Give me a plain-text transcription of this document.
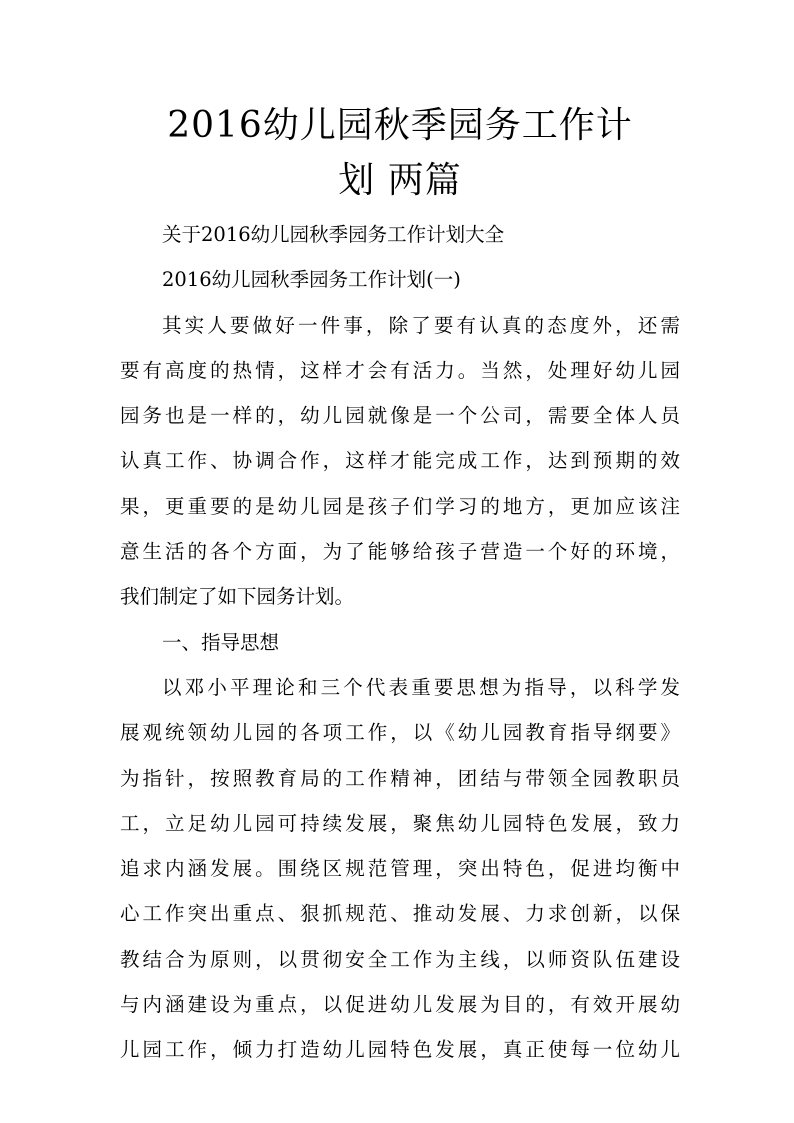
2016幼儿园秋季园务工作计
划 两篇
关于2016幼儿园秋季园务工作计划大全
2016幼儿园秋季园务工作计划(一)
其实人要做好一件事，除了要有认真的态度外，还需
要有高度的热情，这样才会有活力。当然，处理好幼儿园
园务也是一样的，幼儿园就像是一个公司，需要全体人员
认真工作、协调合作，这样才能完成工作，达到预期的效
果，更重要的是幼儿园是孩子们学习的地方，更加应该注
意生活的各个方面，为了能够给孩子营造一个好的环境，
我们制定了如下园务计划。
一、指导思想
以邓小平理论和三个代表重要思想为指导，以科学发
展观统领幼儿园的各项工作，以《幼儿园教育指导纲要》
为指针，按照教育局的工作精神，团结与带领全园教职员
工，立足幼儿园可持续发展，聚焦幼儿园特色发展，致力
追求内涵发展。围绕区规范管理，突出特色，促进均衡中
心工作突出重点、狠抓规范、推动发展、力求创新，以保
教结合为原则，以贯彻安全工作为主线，以师资队伍建设
与内涵建设为重点，以促进幼儿发展为目的，有效开展幼
儿园工作，倾力打造幼儿园特色发展，真正使每一位幼儿
